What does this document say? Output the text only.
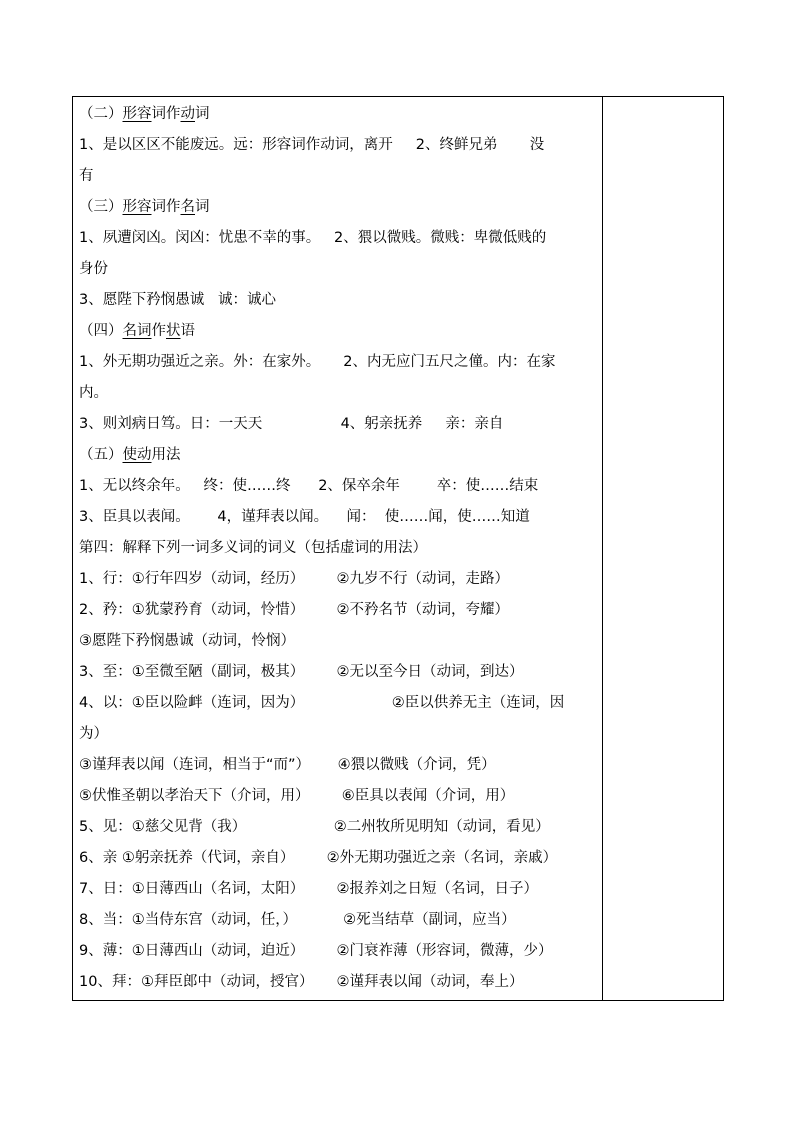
（二）形容词作动词
1、是以区区不能废远。远：形容词作动词，离开     2、终鲜兄弟       没
有
（三）形容词作名词
1、夙遭闵凶。闵凶：忧患不幸的事。   2、猥以微贱。微贱：卑微低贱的
身份
3、愿陛下矜悯愚诚   诚：诚心
（四）名词作状语
1、外无期功强近之亲。外：在家外。     2、内无应门五尺之僮。内：在家
内。
3、则刘病日笃。日：一天天                 4、躬亲抚养     亲：亲自
（五）使动用法
1、无以终余年。   终：使……终      2、保卒余年        卒：使……结束
3、臣具以表闻。      4，谨拜表以闻。    闻：  使……闻，使……知道
第四：解释下列一词多义词的词义（包括虚词的用法）
1、行：①行年四岁（动词，经历）       ②九岁不行（动词，走路）
2、矜：①犹蒙矜育（动词，怜惜）       ②不矜名节（动词，夸耀）
③愿陛下矜悯愚诚（动词，怜悯）
3、至：①至微至陋（副词，极其）       ②无以至今日（动词，到达）
4、以：①臣以险衅（连词，因为）                   ②臣以供养无主（连词，因
为）
③谨拜表以闻（连词，相当于“而”）      ④猥以微贱（介词，凭）
⑤伏惟圣朝以孝治天下（介词，用）       ⑥臣具以表闻（介词，用）
5、见：①慈父见背（我）                   ②二州牧所见明知（动词，看见）
6、亲 ①躬亲抚养（代词，亲自）       ②外无期功强近之亲（名词，亲戚）
7、日：①日薄西山（名词，太阳）       ②报养刘之日短（名词，日子）
8、当：①当侍东宫（动词，任，）          ②死当结草（副词，应当）
9、薄：①日薄西山（动词，迫近）       ②门衰祚薄（形容词，微薄，少）
10、拜：①拜臣郎中（动词，授官）     ②谨拜表以闻（动词，奉上）
